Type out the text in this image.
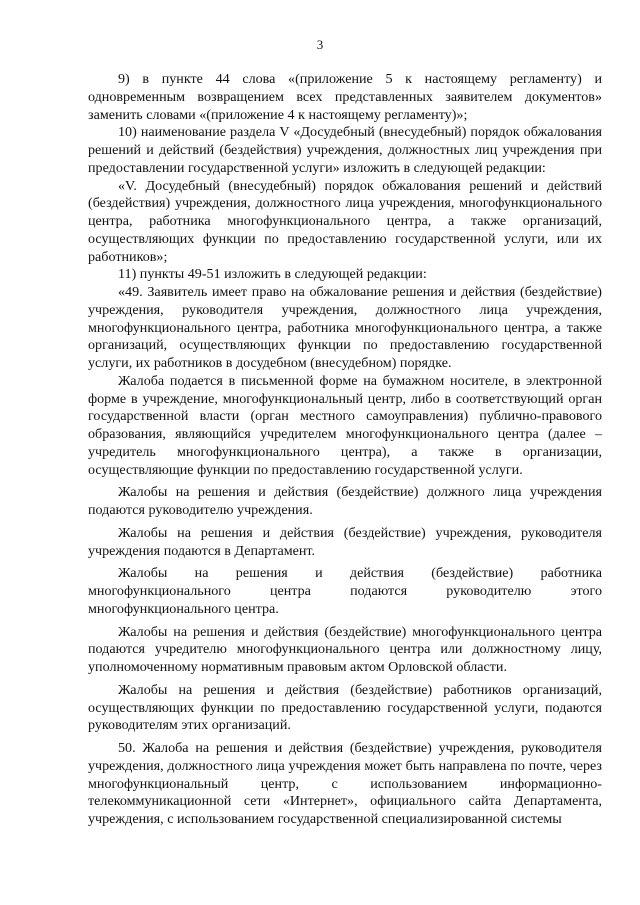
3

9) в пункте 44 слова «(приложение 5 к настоящему регламенту) и одновременным возвращением всех представленных заявителем документов» заменить словами «(приложение 4 к настоящему регламенту)»;

10) наименование раздела V «Досудебный (внесудебный) порядок обжалования решений и действий (бездействия) учреждения, должностных лиц учреждения при предоставлении государственной услуги» изложить в следующей редакции:

«V. Досудебный (внесудебный) порядок обжалования решений и действий (бездействия) учреждения, должностного лица учреждения, многофункционального центра, работника многофункционального центра, а также организаций, осуществляющих функции по предоставлению государственной услуги, или их работников»;

11) пункты 49-51 изложить в следующей редакции:

«49. Заявитель имеет право на обжалование решения и действия (бездействие) учреждения, руководителя учреждения, должностного лица учреждения, многофункционального центра, работника многофункционального центра, а также организаций, осуществляющих функции по предоставлению государственной услуги, их работников в досудебном (внесудебном) порядке.

Жалоба подается в письменной форме на бумажном носителе, в электронной форме в учреждение, многофункциональный центр, либо в соответствующий орган государственной власти (орган местного самоуправления) публично-правового образования, являющийся учредителем многофункционального центра (далее – учредитель многофункционального центра), а также в организации, осуществляющие функции по предоставлению государственной услуги.

Жалобы на решения и действия (бездействие) должного лица учреждения подаются руководителю учреждения.

Жалобы на решения и действия (бездействие) учреждения, руководителя учреждения подаются в Департамент.

Жалобы на решения и действия (бездействие) работника многофункционального центра подаются руководителю этого многофункционального центра.

Жалобы на решения и действия (бездействие) многофункционального центра подаются учредителю многофункционального центра или должностному лицу, уполномоченному нормативным правовым актом Орловской области.

Жалобы на решения и действия (бездействие) работников организаций, осуществляющих функции по предоставлению государственной услуги, подаются руководителям этих организаций.

50. Жалоба на решения и действия (бездействие) учреждения, руководителя учреждения, должностного лица учреждения может быть направлена по почте, через многофункциональный центр, с использованием информационно-телекоммуникационной сети «Интернет», официального сайта Департамента, учреждения, с использованием государственной специализированной системы
